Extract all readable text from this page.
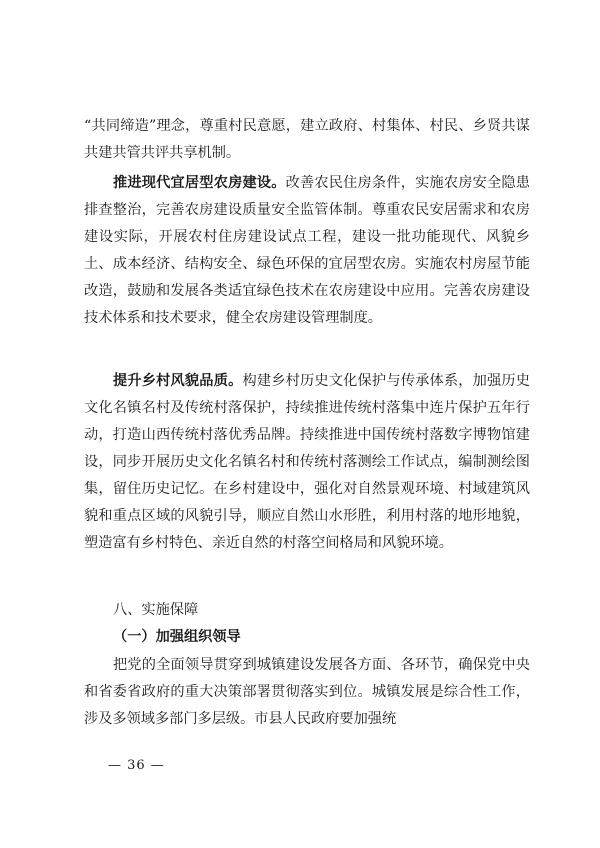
“共同缔造”理念，尊重村民意愿，建立政府、村集体、村民、乡贤共谋共建共管共评共享机制。

推进现代宜居型农房建设。改善农民住房条件，实施农房安全隐患排查整治，完善农房建设质量安全监管体制。尊重农民安居需求和农房建设实际，开展农村住房建设试点工程，建设一批功能现代、风貌乡土、成本经济、结构安全、绿色环保的宜居型农房。实施农村房屋节能改造，鼓励和发展各类适宜绿色技术在农房建设中应用。完善农房建设技术体系和技术要求，健全农房建设管理制度。

提升乡村风貌品质。构建乡村历史文化保护与传承体系，加强历史文化名镇名村及传统村落保护，持续推进传统村落集中连片保护五年行动，打造山西传统村落优秀品牌。持续推进中国传统村落数字博物馆建设，同步开展历史文化名镇名村和传统村落测绘工作试点，编制测绘图集，留住历史记忆。在乡村建设中，强化对自然景观环境、村域建筑风貌和重点区域的风貌引导，顺应自然山水形胜，利用村落的地形地貌，塑造富有乡村特色、亲近自然的村落空间格局和风貌环境。

八、实施保障
（一）加强组织领导

把党的全面领导贯穿到城镇建设发展各方面、各环节，确保党中央和省委省政府的重大决策部署贯彻落实到位。城镇发展是综合性工作，涉及多领域多部门多层级。市县人民政府要加强统

— 36 —
